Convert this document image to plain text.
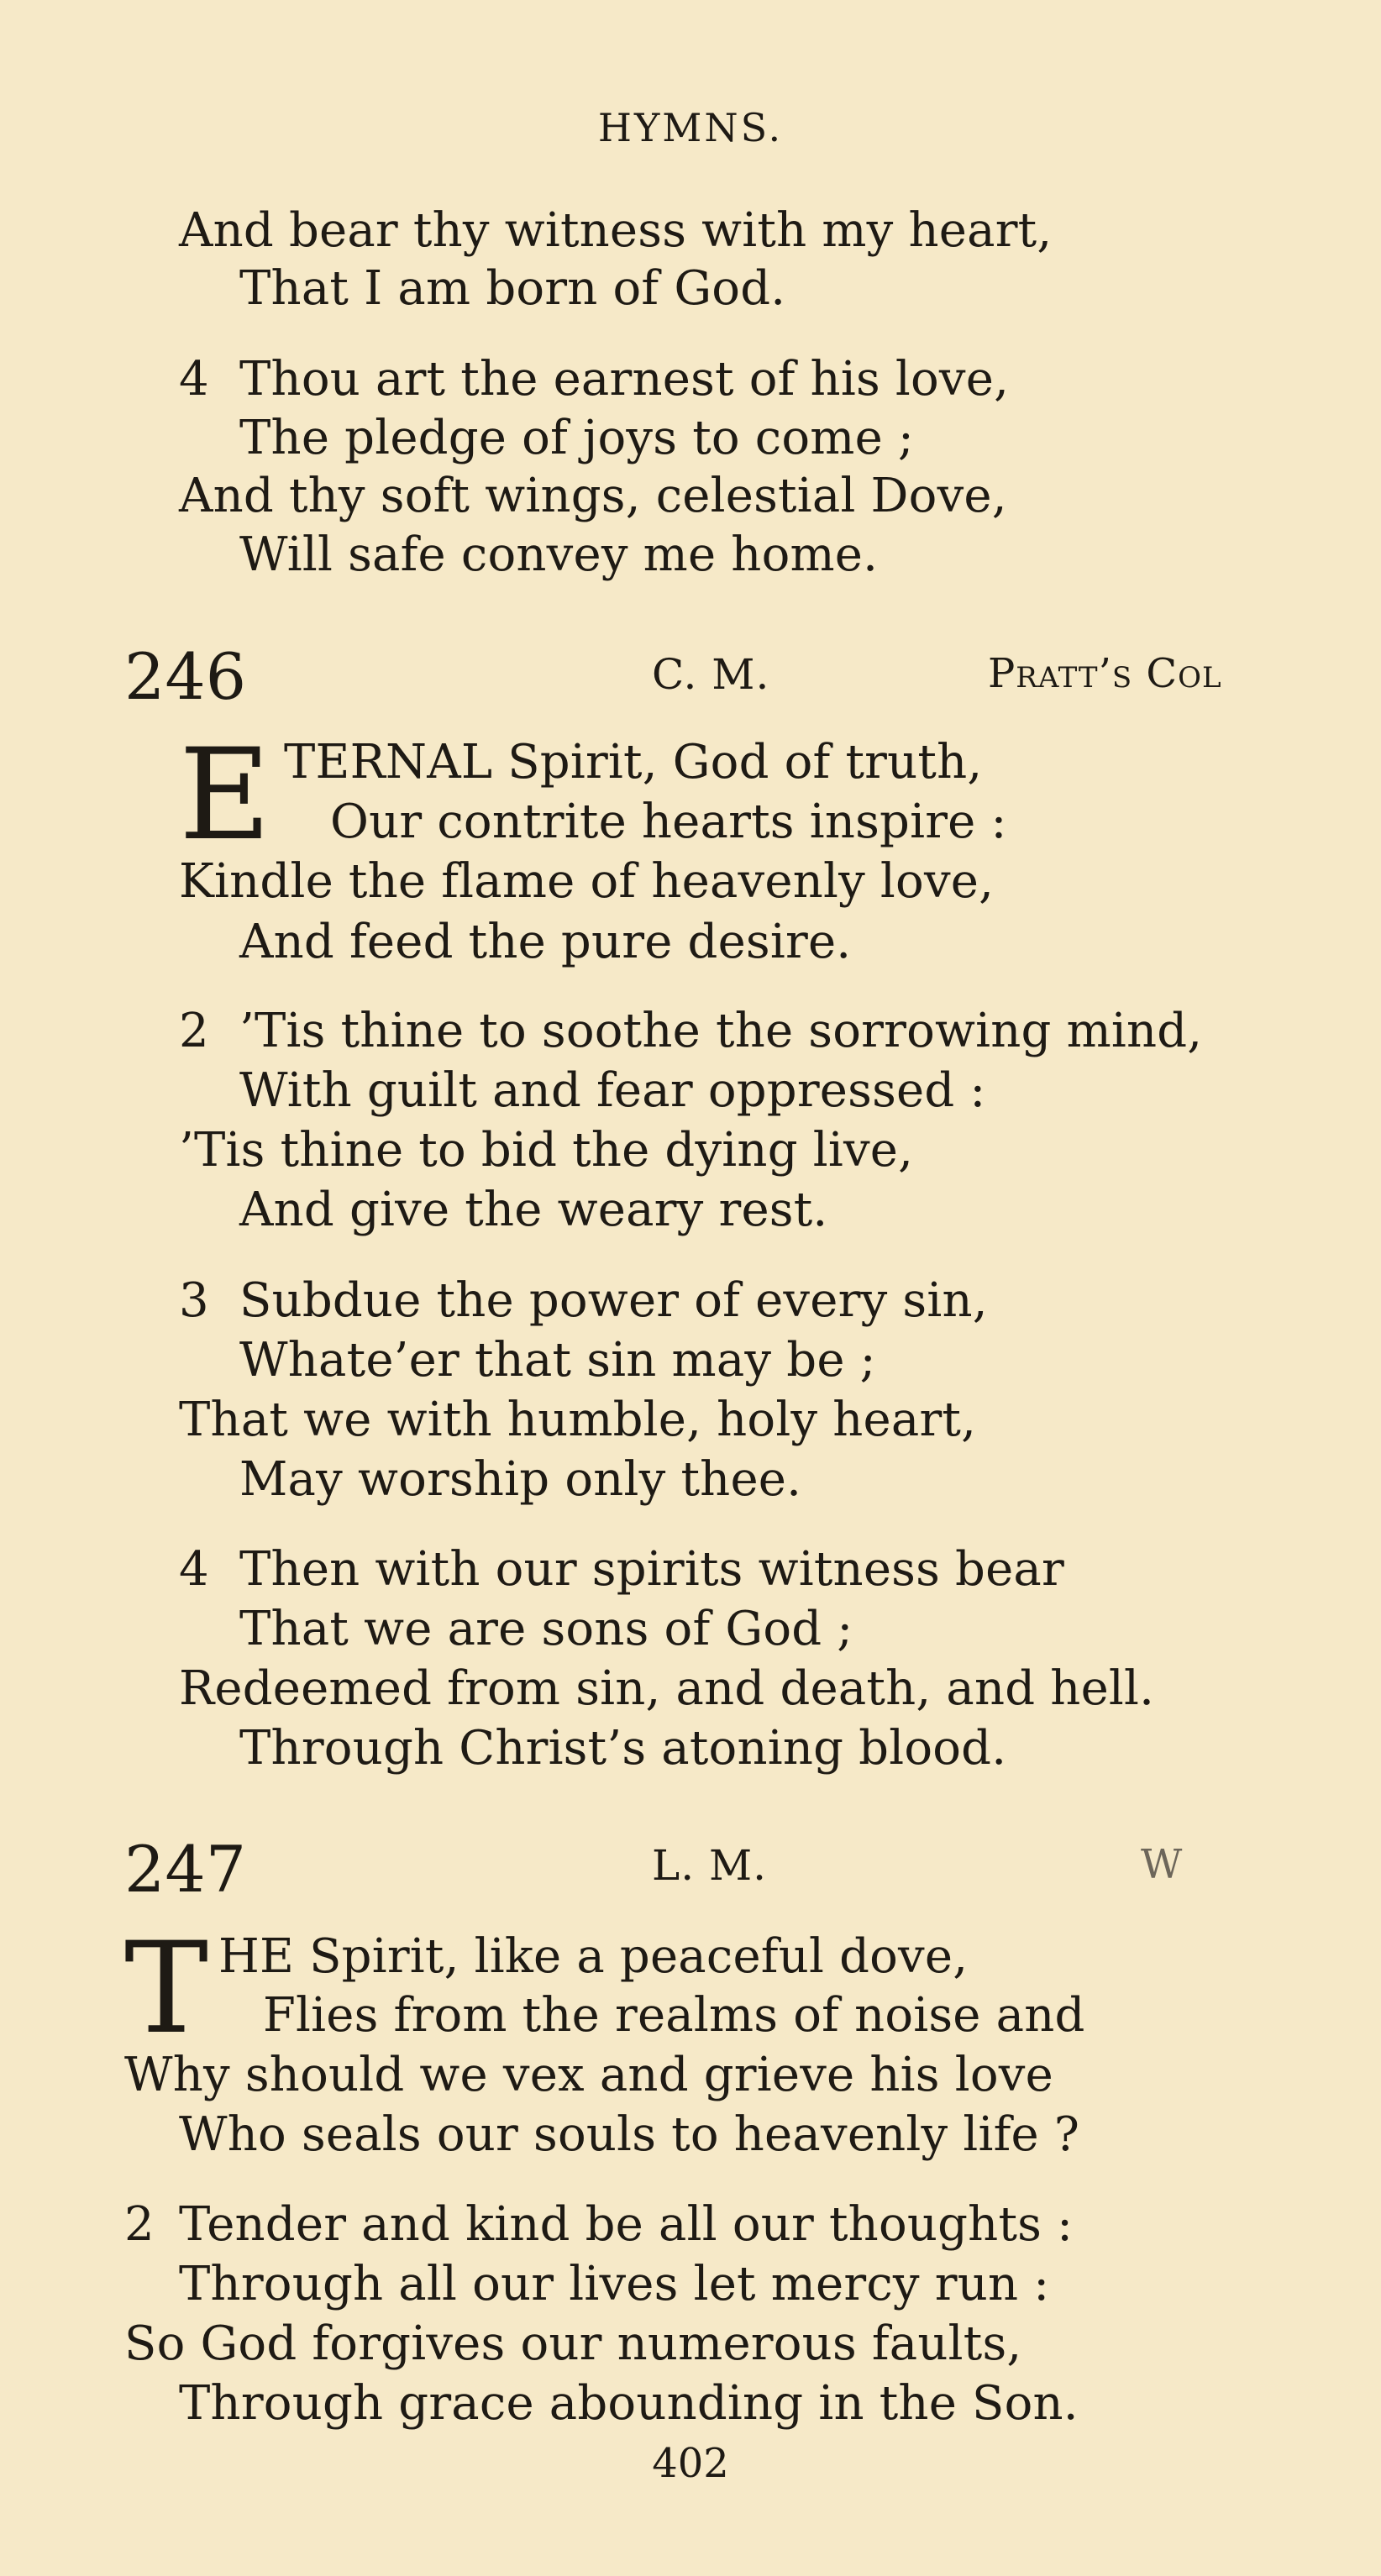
HYMNS.
And bear thy witness with my heart,
That I am born of God.
4 Thou art the earnest of his love,
The pledge of joys to come ;
And thy soft wings, celestial Dove,
Will safe convey me home.
246	C. M.	Pratt’s Col
E TERNAL Spirit, God of truth,
Our contrite hearts inspire :
Kindle the flame of heavenly love,
And feed the pure desire.
2 ’Tis thine to soothe the sorrowing mind,
With guilt and fear oppressed :
’Tis thine to bid the dying live,
And give the weary rest.
3 Subdue the power of every sin,
Whate’er that sin may be ;
That we with humble, holy heart,
May worship only thee.
4 Then with our spirits witness bear
That we are sons of God ;
Redeemed from sin, and death, and hell.
Through Christ’s atoning blood.
247	L. M.	W
T HE Spirit, like a peaceful dove,
Flies from the realms of noise and
Why should we vex and grieve his love
Who seals our souls to heavenly life ?
2 Tender and kind be all our thoughts :
Through all our lives let mercy run :
So God forgives our numerous faults,
Through grace abounding in the Son.
402
